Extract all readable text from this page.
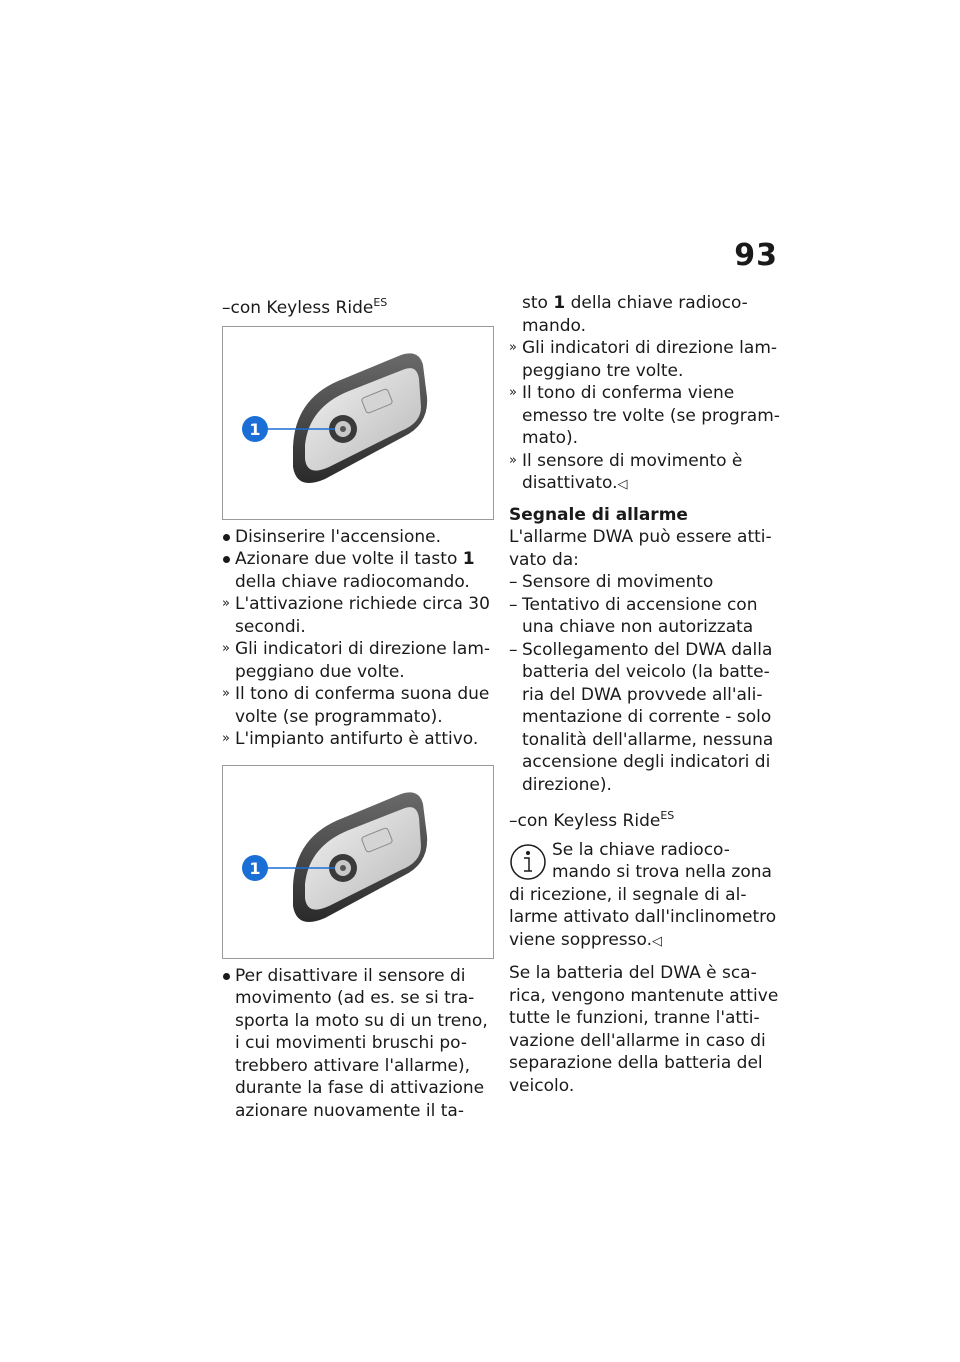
93

–con Keyless Ride$^{ES}$

1

Disinserire l'accensione.

Azionare due volte il tasto 1

della chiave radiocomando.

» L'attivazione richiede circa 30

secondi.

» Gli indicatori di direzione lam-

peggiano due volte.

» Il tono di conferma suona due

volte (se programmato).

» L'impianto antifurto è attivo.

1

Per disattivare il sensore di

movimento (ad es. se si tra-

sporta la moto su di un treno,

i cui movimenti bruschi po-

trebbero attivare l'allarme),

durante la fase di attivazione

azionare nuovamente il ta-

sto 1 della chiave radioco-

mando.

» Gli indicatori di direzione lam-

peggiano tre volte.

» Il tono di conferma viene

emesso tre volte (se program-

mato).

» Il sensore di movimento è

disattivato.◁

Segnale di allarme

L'allarme DWA può essere atti-

vato da:

– Sensore di movimento

– Tentativo di accensione con

una chiave non autorizzata

– Scollegamento del DWA dalla

batteria del veicolo (la batte-

ria del DWA provvede all'ali-

mentazione di corrente - solo

tonalità dell'allarme, nessuna

accensione degli indicatori di

direzione).

–con Keyless Ride$^{ES}$

Se la chiave radioco-

mando si trova nella zona

di ricezione, il segnale di al-

larme attivato dall'inclinometro

viene soppresso.◁

Se la batteria del DWA è sca-

rica, vengono mantenute attive

tutte le funzioni, tranne l'atti-

vazione dell'allarme in caso di

separazione della batteria del

veicolo.
